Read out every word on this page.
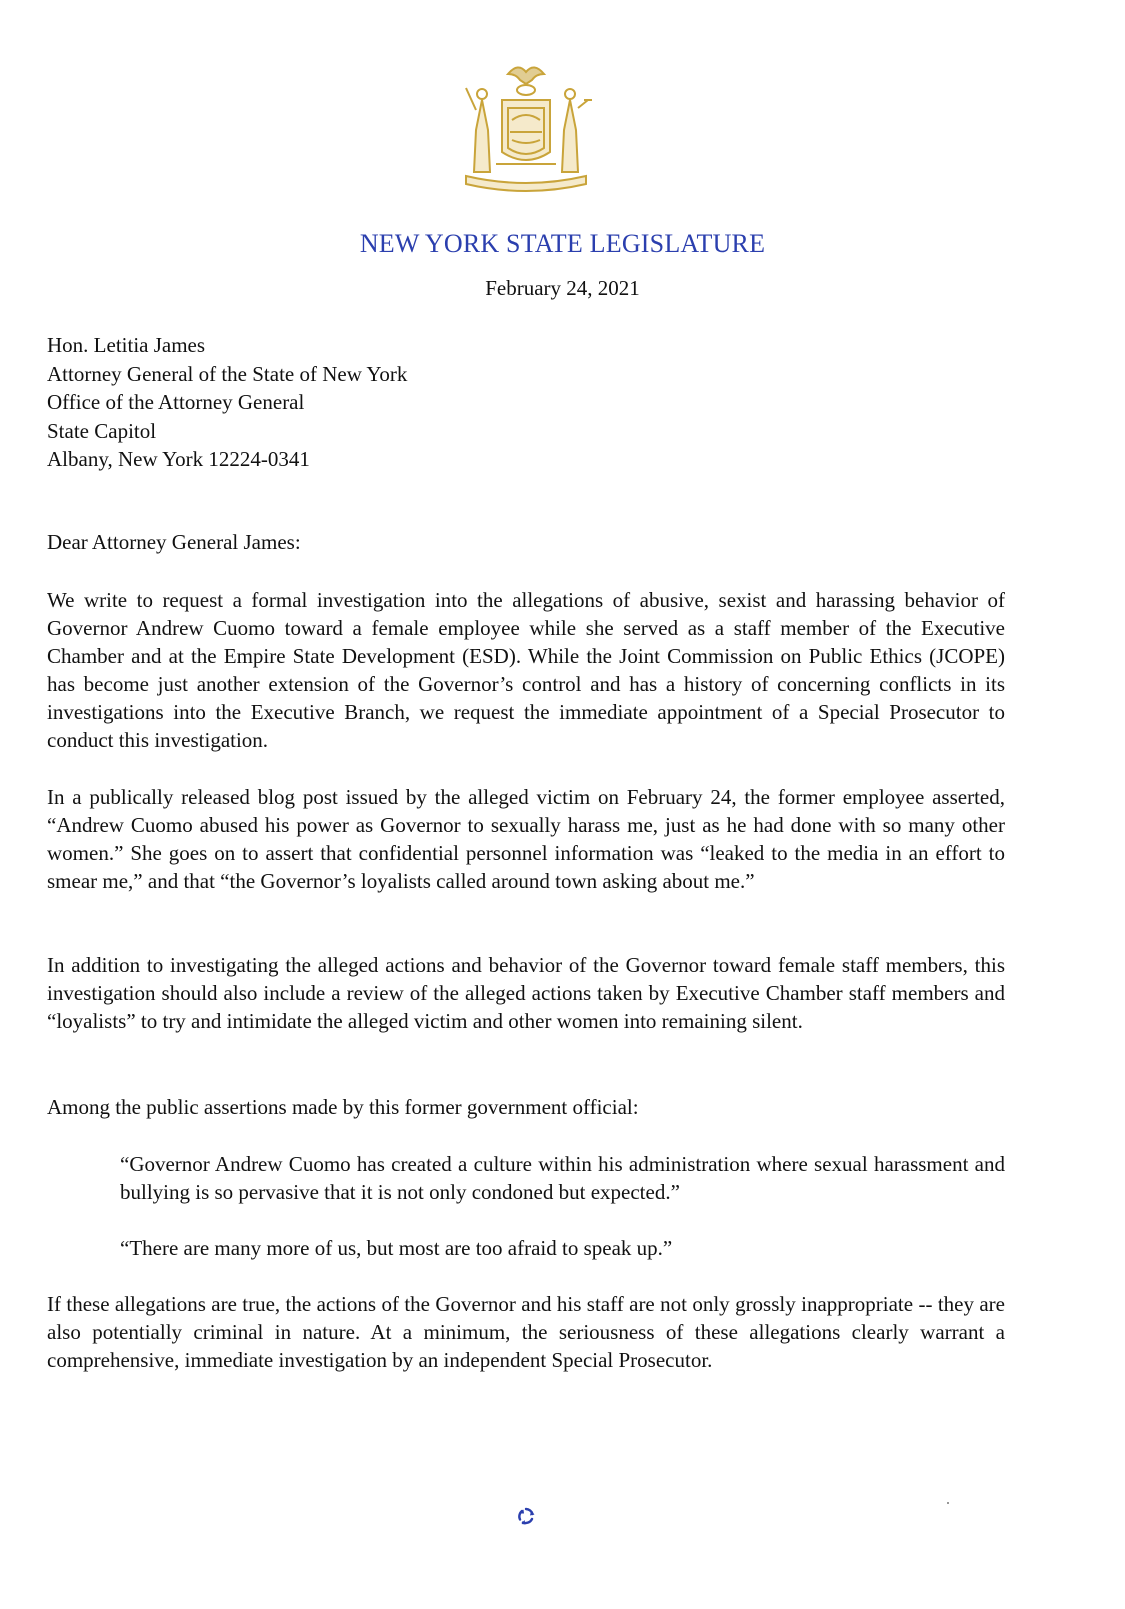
NEW YORK STATE LEGISLATURE
February 24, 2021
Hon. Letitia James
Attorney General of the State of New York
Office of the Attorney General
State Capitol
Albany, New York 12224-0341
Dear Attorney General James:

We write to request a formal investigation into the allegations of abusive, sexist and harassing behavior of Governor Andrew Cuomo toward a female employee while she served as a staff member of the Executive Chamber and at the Empire State Development (ESD). While the Joint Commission on Public Ethics (JCOPE) has become just another extension of the Governor’s control and has a history of concerning conflicts in its investigations into the Executive Branch, we request the immediate appointment of a Special Prosecutor to conduct this investigation.

In a publically released blog post issued by the alleged victim on February 24, the former employee asserted, “Andrew Cuomo abused his power as Governor to sexually harass me, just as he had done with so many other women.” She goes on to assert that confidential personnel information was “leaked to the media in an effort to smear me,” and that “the Governor’s loyalists called around town asking about me.”

In addition to investigating the alleged actions and behavior of the Governor toward female staff members, this investigation should also include a review of the alleged actions taken by Executive Chamber staff members and “loyalists” to try and intimidate the alleged victim and other women into remaining silent.

Among the public assertions made by this former government official:

“Governor Andrew Cuomo has created a culture within his administration where sexual harassment and bullying is so pervasive that it is not only condoned but expected.”

“There are many more of us, but most are too afraid to speak up.”

If these allegations are true, the actions of the Governor and his staff are not only grossly inappropriate -- they are also potentially criminal in nature. At a minimum, the seriousness of these allegations clearly warrant a comprehensive, immediate investigation by an independent Special Prosecutor.
